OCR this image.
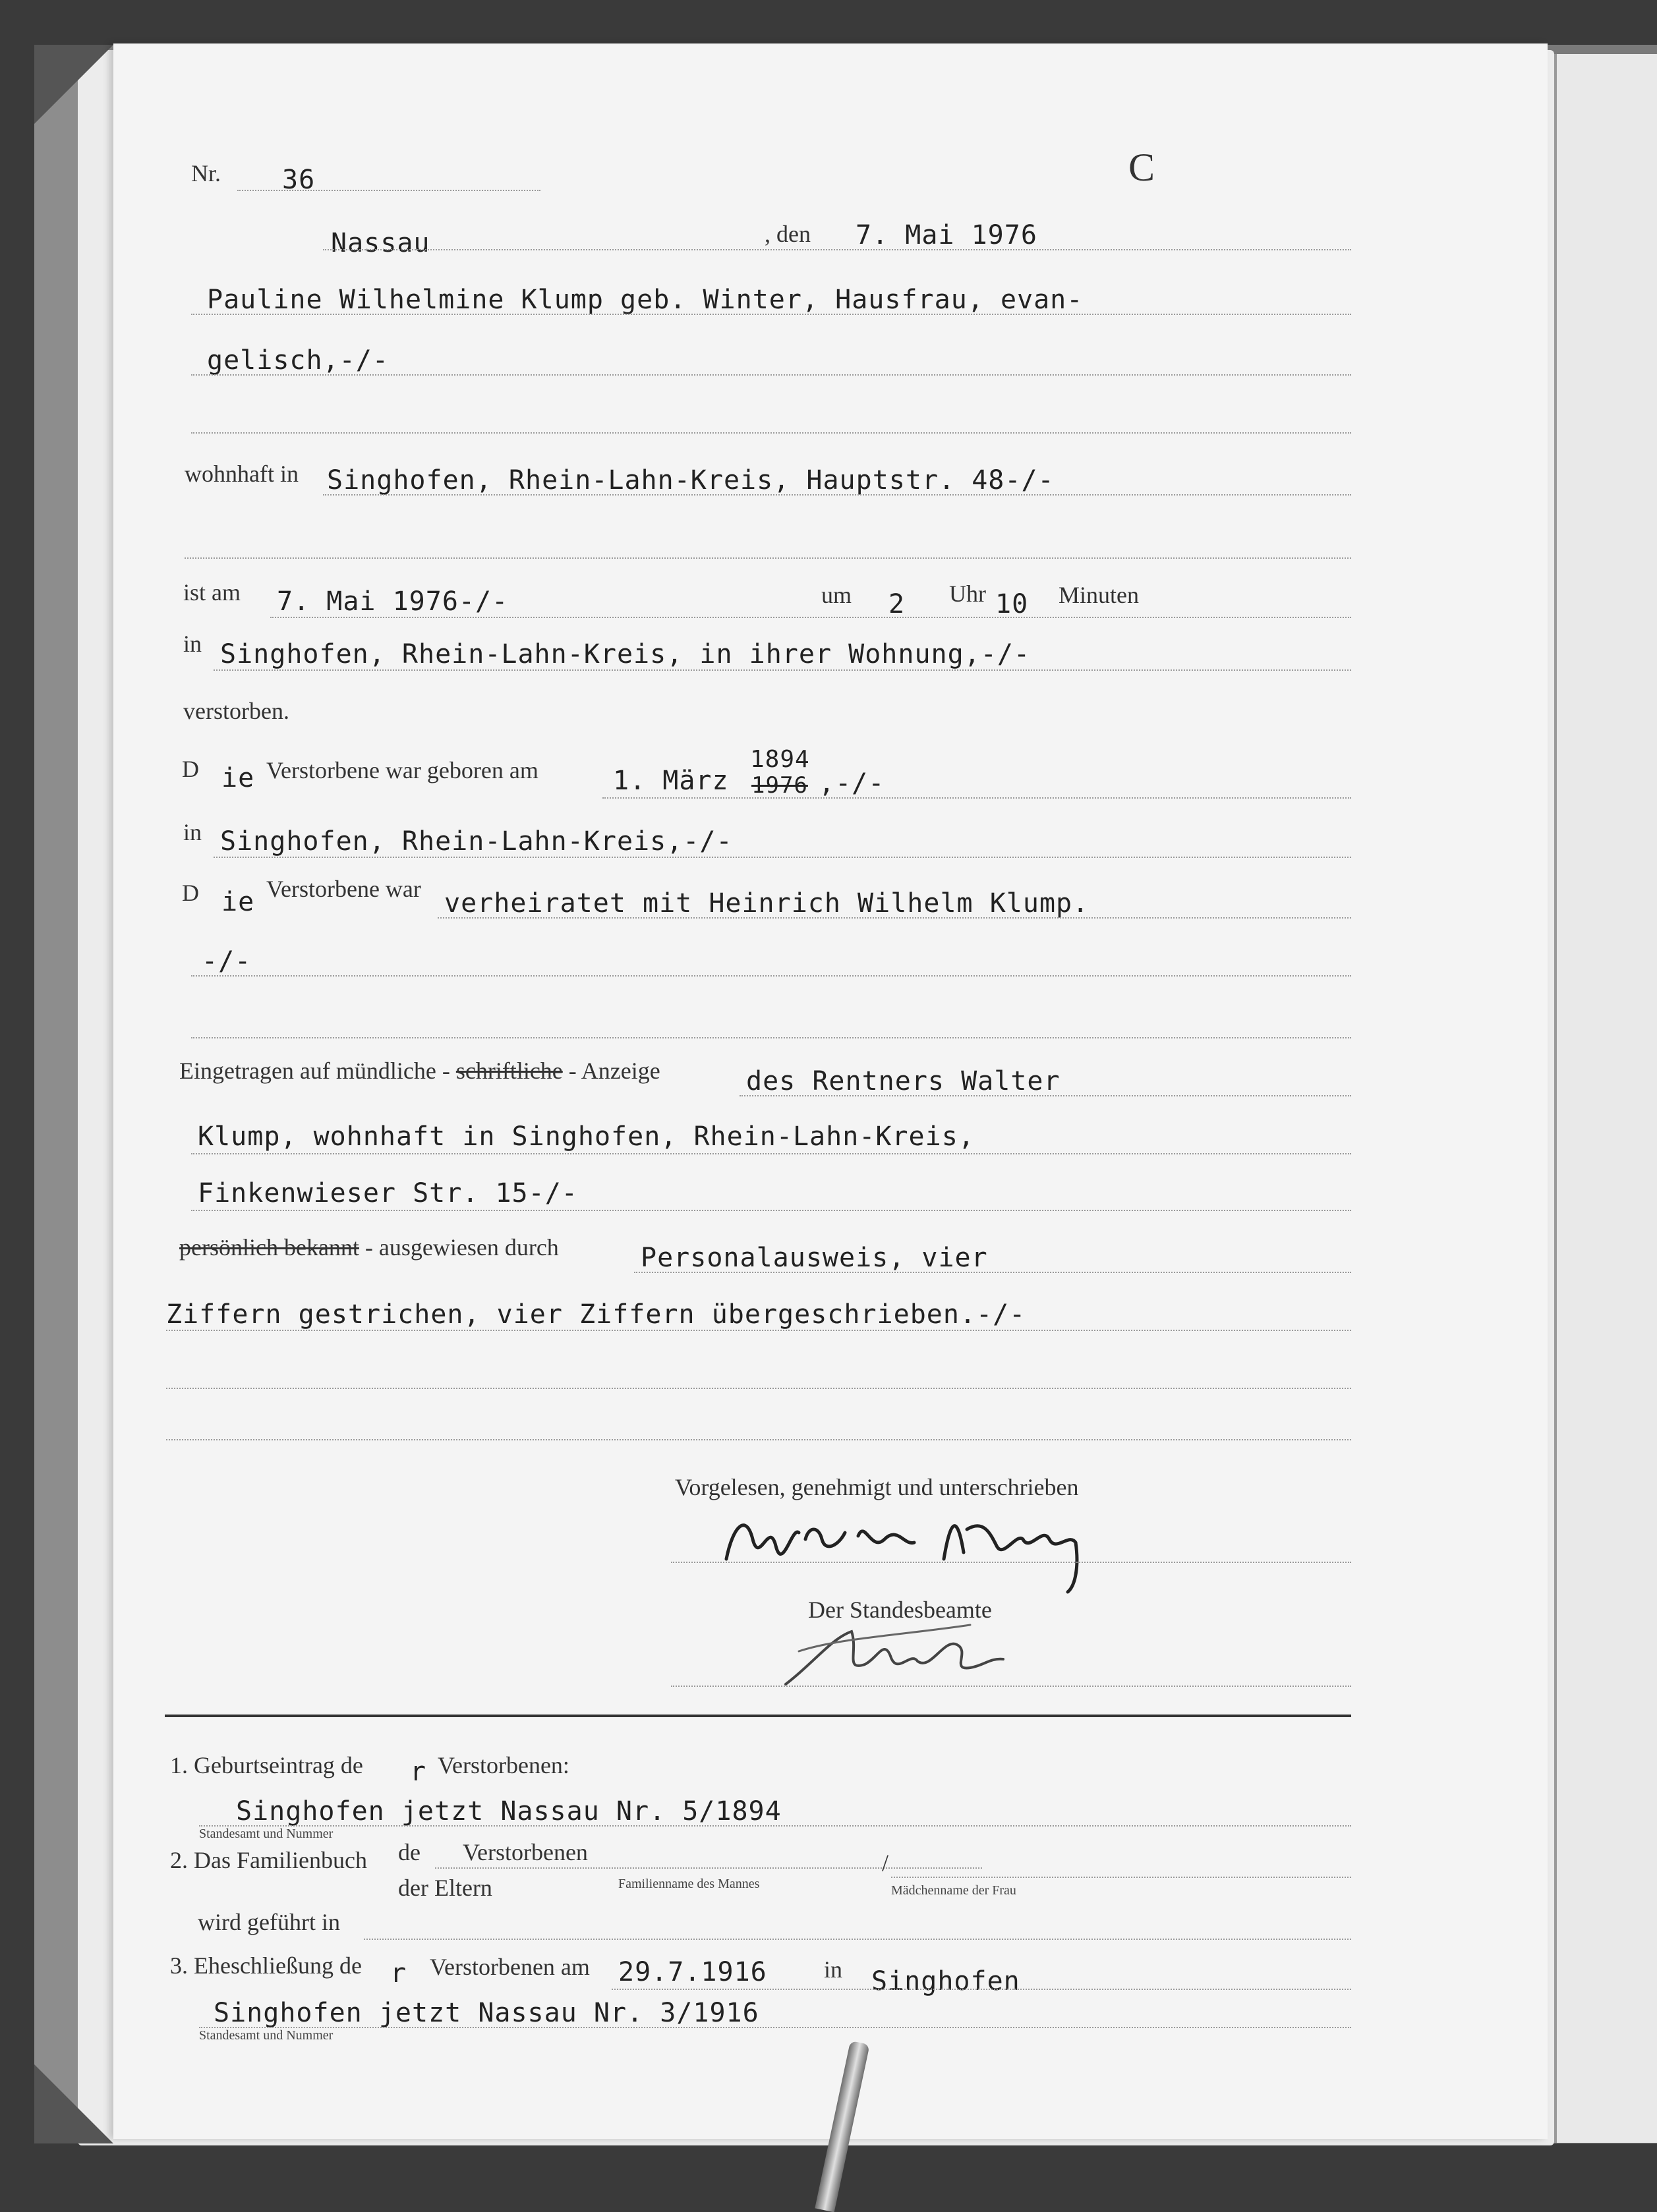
Nr. 36	C
Nassau	, den 7. Mai 1976
Pauline Wilhelmine Klump geb. Winter, Hausfrau, evan-
gelisch,-/-
wohnhaft in Singhofen, Rhein-Lahn-Kreis, Hauptstr. 48-/-
ist am 7. Mai 1976-/-	um 2 Uhr 10 Minuten
in Singhofen, Rhein-Lahn-Kreis, in ihrer Wohnung,-/-
verstorben.
D ie Verstorbene war geboren am	1. März
1894
1976 ,-/-
in Singhofen, Rhein-Lahn-Kreis,-/-
D ie Verstorbene war verheiratet mit Heinrich Wilhelm Klump.
-/-
Eingetragen auf mündliche - schriftliche - Anzeige	des Rentners Walter
Klump, wohnhaft in Singhofen, Rhein-Lahn-Kreis,
Finkenwieser Str. 15-/-
persönlich bekannt - ausgewiesen durch	Personalausweis, vier
Ziffern gestrichen, vier Ziffern übergeschrieben.-/-
Vorgelesen, genehmigt und unterschrieben
Der Standesbeamte
1. Geburtseintrag de r Verstorbenen:
Singhofen jetzt Nassau Nr. 5/1894
Standesamt und Nummer
2. Das Familienbuch de Verstorbenen	/
der Eltern	Familienname des Mannes	Mädchenname der Frau
wird geführt in
3. Eheschließung de r Verstorbenen am 29.7.1916 in Singhofen
Singhofen jetzt Nassau Nr. 3/1916
Standesamt und Nummer
